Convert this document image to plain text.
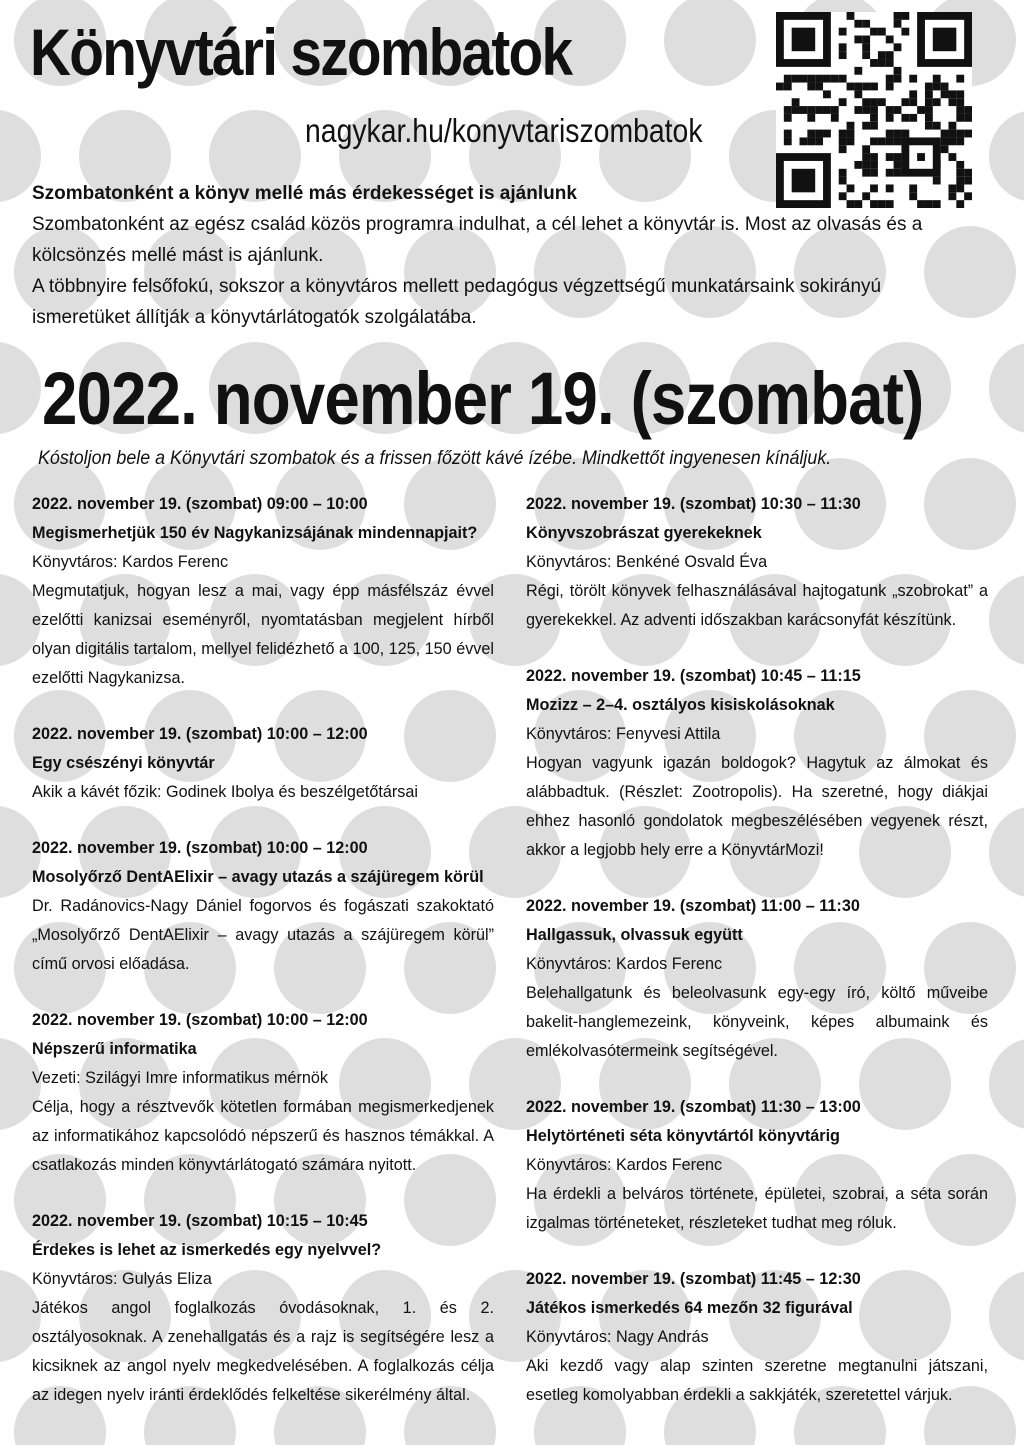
Könyvtári szombatok
nagykar.hu/konyvtariszombatok

Szombatonként a könyv mellé más érdekességet is ajánlunk

Szombatonként az egész család közös programra indulhat, a cél lehet a könyvtár is. Most az olvasás és a kölcsönzés mellé mást is ajánlunk.

A többnyire felsőfokú, sokszor a könyvtáros mellett pedagógus végzettségű munkatársaink sokirányú ismeretüket állítják a könyvtárlátogatók szolgálatába.

2022. november 19. (szombat)
Kóstoljon bele a Könyvtári szombatok és a frissen főzött kávé ízébe. Mindkettőt ingyenesen kínáljuk.
2022. november 19. (szombat) 09:00 – 10:00
Megismerhetjük 150 év Nagykanizsájának mindennapjait?
Könyvtáros: Kardos Ferenc
Megmutatjuk, hogyan lesz a mai, vagy épp másfélszáz évvel ezelőtti kanizsai eseményről, nyomtatásban megjelent hírből olyan digitális tartalom, mellyel felidézhető a 100, 125, 150 évvel ezelőtti Nagykanizsa.
2022. november 19. (szombat) 10:00 – 12:00
Egy csészényi könyvtár
Akik a kávét főzik: Godinek Ibolya és beszélgetőtársai
2022. november 19. (szombat) 10:00 – 12:00
Mosolyőrző DentAElixir – avagy utazás a szájüregem körül
Dr. Radánovics-Nagy Dániel fogorvos és fogászati szakoktató „Mosolyőrző DentAElixir – avagy utazás a szájüregem körül” című orvosi előadása.
2022. november 19. (szombat) 10:00 – 12:00
Népszerű informatika
Vezeti: Szilágyi Imre informatikus mérnök
Célja, hogy a résztvevők kötetlen formában megismerkedjenek az informatikához kapcsolódó népszerű és hasznos témákkal. A csatlakozás minden könyvtárlátogató számára nyitott.
2022. november 19. (szombat) 10:15 – 10:45
Érdekes is lehet az ismerkedés egy nyelvvel?
Könyvtáros: Gulyás Eliza
Játékos angol foglalkozás óvodásoknak, 1. és 2. osztályosoknak. A zenehallgatás és a rajz is segítségére lesz a kicsiknek az angol nyelv megkedvelésében. A foglalkozás célja az idegen nyelv iránti érdeklődés felkeltése sikerélmény által.
2022. november 19. (szombat) 10:30 – 11:30
Könyvszobrászat gyerekeknek
Könyvtáros: Benkéné Osvald Éva
Régi, törölt könyvek felhasználásával hajtogatunk „szobrokat” a gyerekekkel. Az adventi időszakban karácsonyfát készítünk.
2022. november 19. (szombat) 10:45 – 11:15
Mozizz – 2–4. osztályos kisiskolásoknak
Könyvtáros: Fenyvesi Attila
Hogyan vagyunk igazán boldogok? Hagytuk az álmokat és alábbadtuk. (Részlet: Zootropolis). Ha szeretné, hogy diákjai ehhez hasonló gondolatok megbeszélésében vegyenek részt, akkor a legjobb hely erre a KönyvtárMozi!
2022. november 19. (szombat) 11:00 – 11:30
Hallgassuk, olvassuk együtt
Könyvtáros: Kardos Ferenc
Belehallgatunk és beleolvasunk egy-egy író, költő műveibe bakelit-hanglemezeink, könyveink, képes albumaink és emlékolvasótermeink segítségével.
2022. november 19. (szombat) 11:30 – 13:00
Helytörténeti séta könyvtártól könyvtárig
Könyvtáros: Kardos Ferenc
Ha érdekli a belváros története, épületei, szobrai, a séta során izgalmas történeteket, részleteket tudhat meg róluk.
2022. november 19. (szombat) 11:45 – 12:30
Játékos ismerkedés 64 mezőn 32 figurával
Könyvtáros: Nagy András
Aki kezdő vagy alap szinten szeretne megtanulni játszani, esetleg komolyabban érdekli a sakkjáték, szeretettel várjuk.
